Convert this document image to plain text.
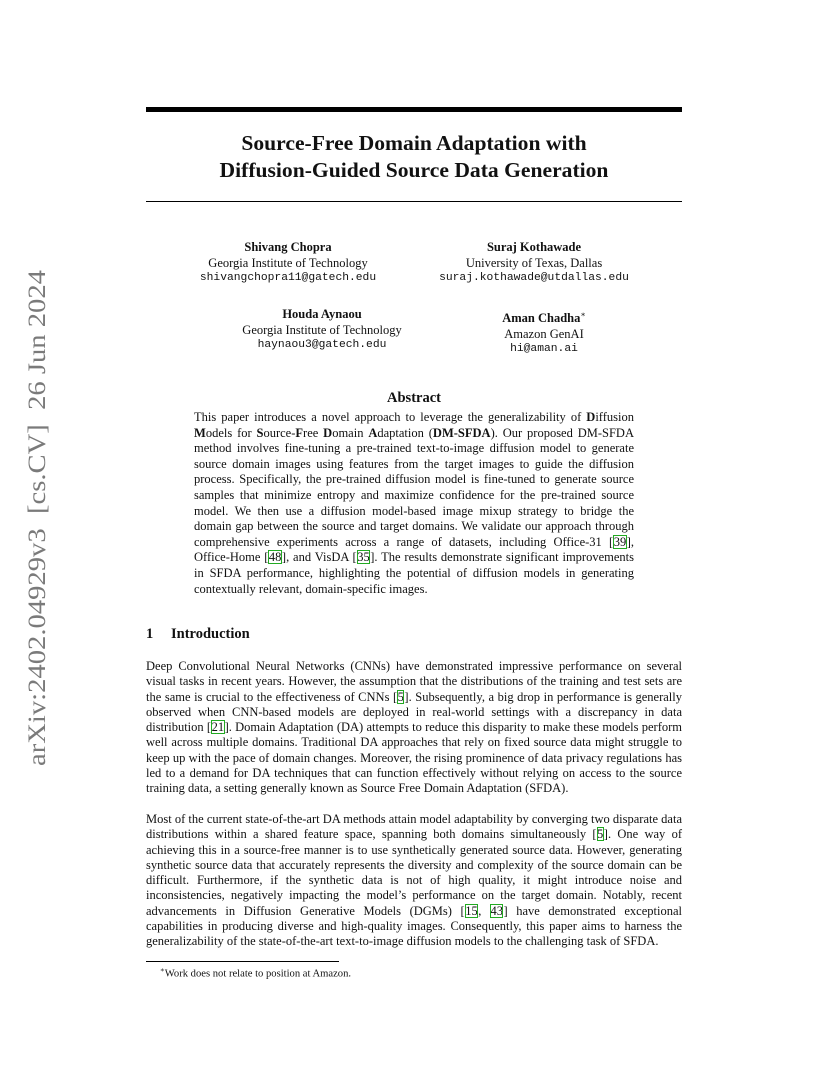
arXiv:2402.04929v3  [cs.CV]  26 Jun 2024
Source-Free Domain Adaptation with
Diffusion-Guided Source Data Generation
Shivang Chopra
Georgia Institute of Technology
shivangchopra11@gatech.edu
Suraj Kothawade
University of Texas, Dallas
suraj.kothawade@utdallas.edu
Houda Aynaou
Georgia Institute of Technology
haynaou3@gatech.edu
Aman Chadha∗
Amazon GenAI
hi@aman.ai
Abstract

This paper introduces a novel approach to leverage the generalizability of Diffusion Models for Source-Free Domain Adaptation (DM-SFDA). Our proposed DM-SFDA method involves fine-tuning a pre-trained text-to-image diffusion model to generate source domain images using features from the target images to guide the diffusion process. Specifically, the pre-trained diffusion model is fine-tuned to generate source samples that minimize entropy and maximize confidence for the pre-trained source model. We then use a diffusion model-based image mixup strategy to bridge the domain gap between the source and target domains. We validate our approach through comprehensive experiments across a range of datasets, including Office-31 [39], Office-Home [48], and VisDA [35]. The results demonstrate significant improvements in SFDA performance, highlighting the potential of diffusion models in generating contextually relevant, domain-specific images.

1 Introduction

Deep Convolutional Neural Networks (CNNs) have demonstrated impressive performance on several visual tasks in recent years. However, the assumption that the distributions of the training and test sets are the same is crucial to the effectiveness of CNNs [5]. Subsequently, a big drop in performance is generally observed when CNN-based models are deployed in real-world settings with a discrepancy in data distribution [21]. Domain Adaptation (DA) attempts to reduce this disparity to make these models perform well across multiple domains. Traditional DA approaches that rely on fixed source data might struggle to keep up with the pace of domain changes. Moreover, the rising prominence of data privacy regulations has led to a demand for DA techniques that can function effectively without relying on access to the source training data, a setting generally known as Source Free Domain Adaptation (SFDA).

Most of the current state-of-the-art DA methods attain model adaptability by converging two disparate data distributions within a shared feature space, spanning both domains simultaneously [5]. One way of achieving this in a source-free manner is to use synthetically generated source data. However, generating synthetic source data that accurately represents the diversity and complexity of the source domain can be difficult. Furthermore, if the synthetic data is not of high quality, it might introduce noise and inconsistencies, negatively impacting the model’s performance on the target domain. Notably, recent advancements in Diffusion Generative Models (DGMs) [15, 43] have demonstrated exceptional capabilities in producing diverse and high-quality images. Consequently, this paper aims to harness the generalizability of the state-of-the-art text-to-image diffusion models to the challenging task of SFDA.

∗Work does not relate to position at Amazon.
